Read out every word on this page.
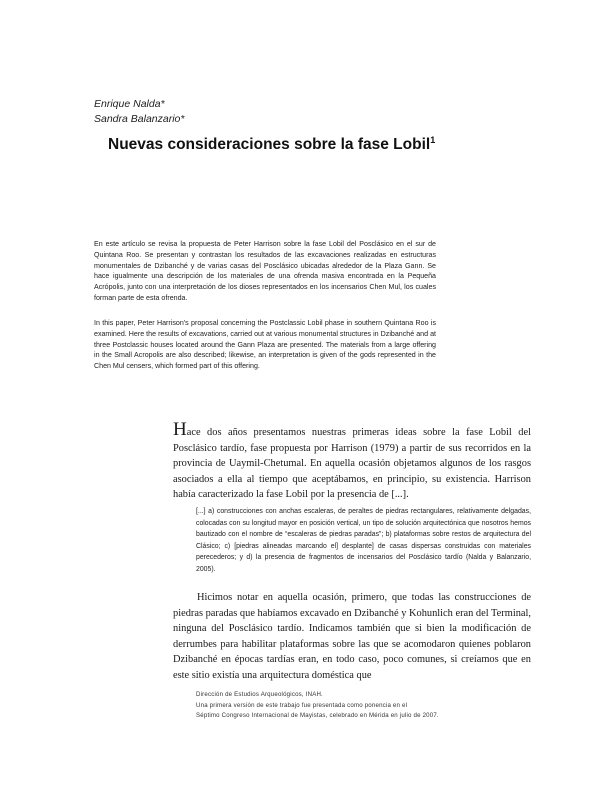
Enrique Nalda*
Sandra Balanzario*
Nuevas consideraciones sobre la fase Lobil$^1$

En este artículo se revisa la propuesta de Peter Harrison sobre la fase Lobil del Posclásico en el sur de Quintana Roo. Se presentan y contrastan los resultados de las excavaciones realizadas en estructuras monumentales de Dzibanché y de varias casas del Posclásico ubicadas alrededor de la Plaza Gann. Se hace igualmente una descripción de los materiales de una ofrenda masiva encontrada en la Pequeña Acrópolis, junto con una interpretación de los dioses representados en los incensarios Chen Mul, los cuales forman parte de esta ofrenda.

In this paper, Peter Harrison's proposal concerning the Postclassic Lobil phase in southern Quintana Roo is examined. Here the results of excavations, carried out at various monumental structures in Dzibanché and at three Postclassic houses located around the Gann Plaza are presented. The materials from a large offering in the Small Acropolis are also described; likewise, an interpretation is given of the gods represented in the Chen Mul censers, which formed part of this offering.

Hace dos años presentamos nuestras primeras ideas sobre la fase Lobil del Posclásico tardío, fase propuesta por Harrison (1979) a partir de sus recorridos en la provincia de Uaymil-Chetumal. En aquella ocasión objetamos algunos de los rasgos asociados a ella al tiempo que aceptábamos, en principio, su existencia. Harrison había caracterizado la fase Lobil por la presencia de [...].

[...] a) construcciones con anchas escaleras, de peraltes de piedras rectangulares, relativamente delgadas, colocadas con su longitud mayor en posición vertical, un tipo de solución arquitectónica que nosotros hemos bautizado con el nombre de “escaleras de piedras paradas”; b) plataformas sobre restos de arquitectura del Clásico; c) [piedras alineadas marcando el] desplante] de casas dispersas construidas con materiales perecederos; y d) la presencia de fragmentos de incensarios del Posclásico tardío (Nalda y Balanzario, 2005).

Hicimos notar en aquella ocasión, primero, que todas las construcciones de piedras paradas que habíamos excavado en Dzibanché y Kohunlich eran del Terminal, ninguna del Posclásico tardío. Indicamos también que si bien la modificación de derrumbes para habilitar plataformas sobre las que se acomodaron quienes poblaron Dzibanché en épocas tardías eran, en todo caso, poco comunes, si creíamos que en este sitio existía una arquitectura doméstica que

Dirección de Estudios Arqueológicos, INAH.
Una primera versión de este trabajo fue presentada como ponencia en el
Séptimo Congreso Internacional de Mayistas, celebrado en Mérida en julio de 2007.
